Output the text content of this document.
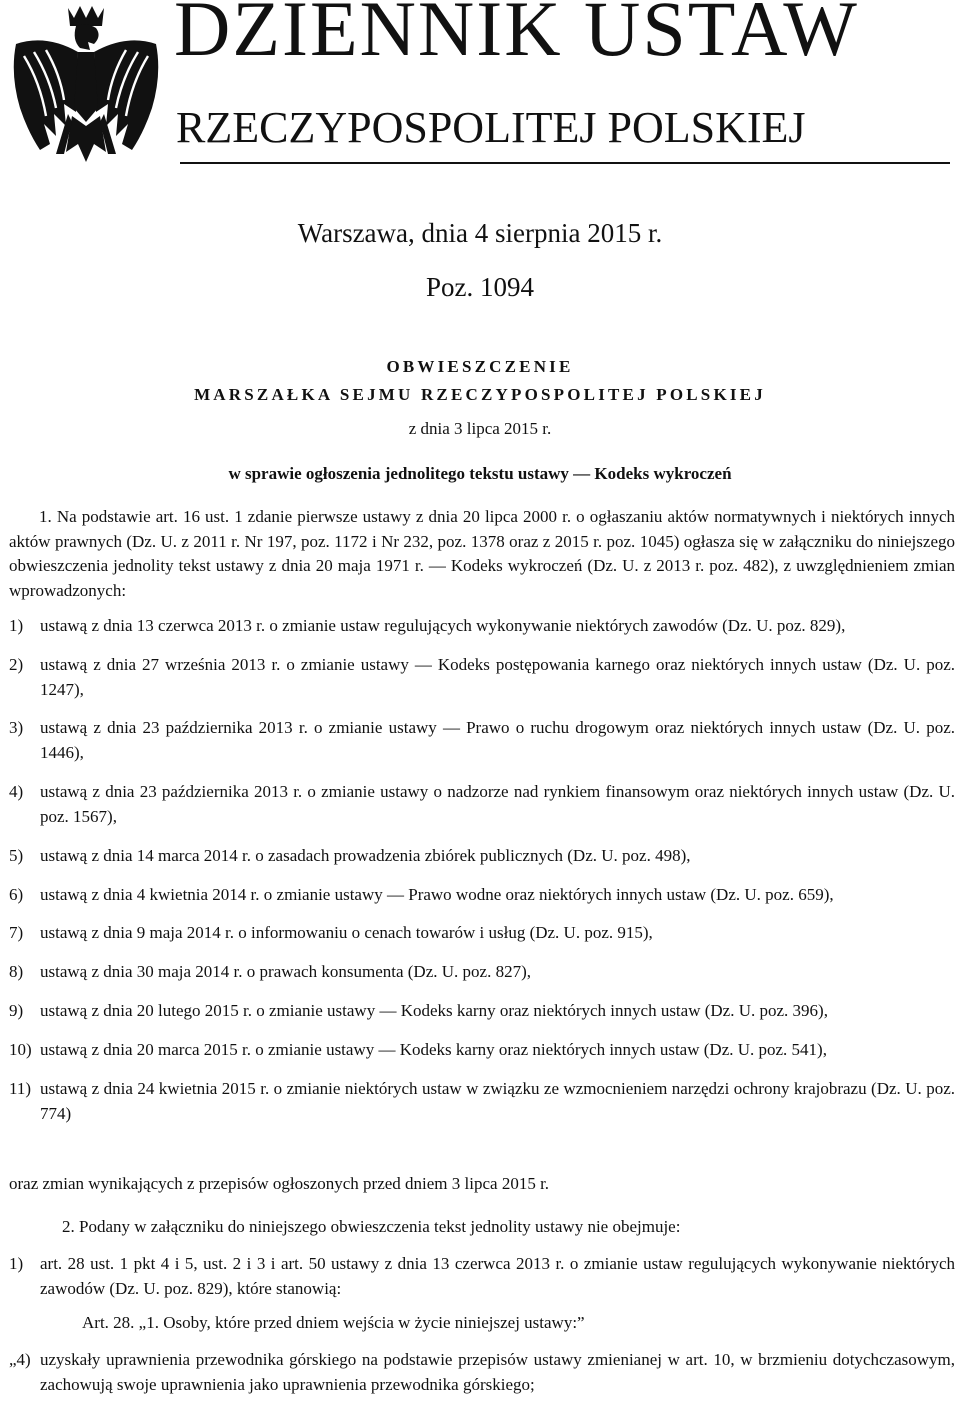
DZIENNIK USTAW
RZECZYPOSPOLITEJ POLSKIEJ
Warszawa, dnia 4 sierpnia 2015 r.
Poz. 1094
OBWIESZCZENIE
MARSZAŁKA SEJMU RZECZYPOSPOLITEJ POLSKIEJ
z dnia 3 lipca 2015 r.
w sprawie ogłoszenia jednolitego tekstu ustawy — Kodeks wykroczeń
1. Na podstawie art. 16 ust. 1 zdanie pierwsze ustawy z dnia 20 lipca 2000 r. o ogłaszaniu aktów normatywnych i niektórych innych aktów prawnych (Dz. U. z 2011 r. Nr 197, poz. 1172 i Nr 232, poz. 1378 oraz z 2015 r. poz. 1045) ogłasza się w załączniku do niniejszego obwieszczenia jednolity tekst ustawy z dnia 20 maja 1971 r. — Kodeks wykroczeń (Dz. U. z 2013 r. poz. 482), z uwzględnieniem zmian wprowadzonych:
1) ustawą z dnia 13 czerwca 2013 r. o zmianie ustaw regulujących wykonywanie niektórych zawodów (Dz. U. poz. 829),
2) ustawą z dnia 27 września 2013 r. o zmianie ustawy — Kodeks postępowania karnego oraz niektórych innych ustaw (Dz. U. poz. 1247),
3) ustawą z dnia 23 października 2013 r. o zmianie ustawy — Prawo o ruchu drogowym oraz niektórych innych ustaw (Dz. U. poz. 1446),
4) ustawą z dnia 23 października 2013 r. o zmianie ustawy o nadzorze nad rynkiem finansowym oraz niektórych innych ustaw (Dz. U. poz. 1567),
5) ustawą z dnia 14 marca 2014 r. o zasadach prowadzenia zbiórek publicznych (Dz. U. poz. 498),
6) ustawą z dnia 4 kwietnia 2014 r. o zmianie ustawy — Prawo wodne oraz niektórych innych ustaw (Dz. U. poz. 659),
7) ustawą z dnia 9 maja 2014 r. o informowaniu o cenach towarów i usług (Dz. U. poz. 915),
8) ustawą z dnia 30 maja 2014 r. o prawach konsumenta (Dz. U. poz. 827),
9) ustawą z dnia 20 lutego 2015 r. o zmianie ustawy — Kodeks karny oraz niektórych innych ustaw (Dz. U. poz. 396),
10) ustawą z dnia 20 marca 2015 r. o zmianie ustawy — Kodeks karny oraz niektórych innych ustaw (Dz. U. poz. 541),
11) ustawą z dnia 24 kwietnia 2015 r. o zmianie niektórych ustaw w związku ze wzmocnieniem narzędzi ochrony krajobrazu (Dz. U. poz. 774)
oraz zmian wynikających z przepisów ogłoszonych przed dniem 3 lipca 2015 r.
2. Podany w załączniku do niniejszego obwieszczenia tekst jednolity ustawy nie obejmuje:
1) art. 28 ust. 1 pkt 4 i 5, ust. 2 i 3 i art. 50 ustawy z dnia 13 czerwca 2013 r. o zmianie ustaw regulujących wykonywanie niektórych zawodów (Dz. U. poz. 829), które stanowią:
Art. 28. „1. Osoby, które przed dniem wejścia w życie niniejszej ustawy:”
„4) uzyskały uprawnienia przewodnika górskiego na podstawie przepisów ustawy zmienianej w art. 10, w brzmieniu dotychczasowym, zachowują swoje uprawnienia jako uprawnienia przewodnika górskiego;
